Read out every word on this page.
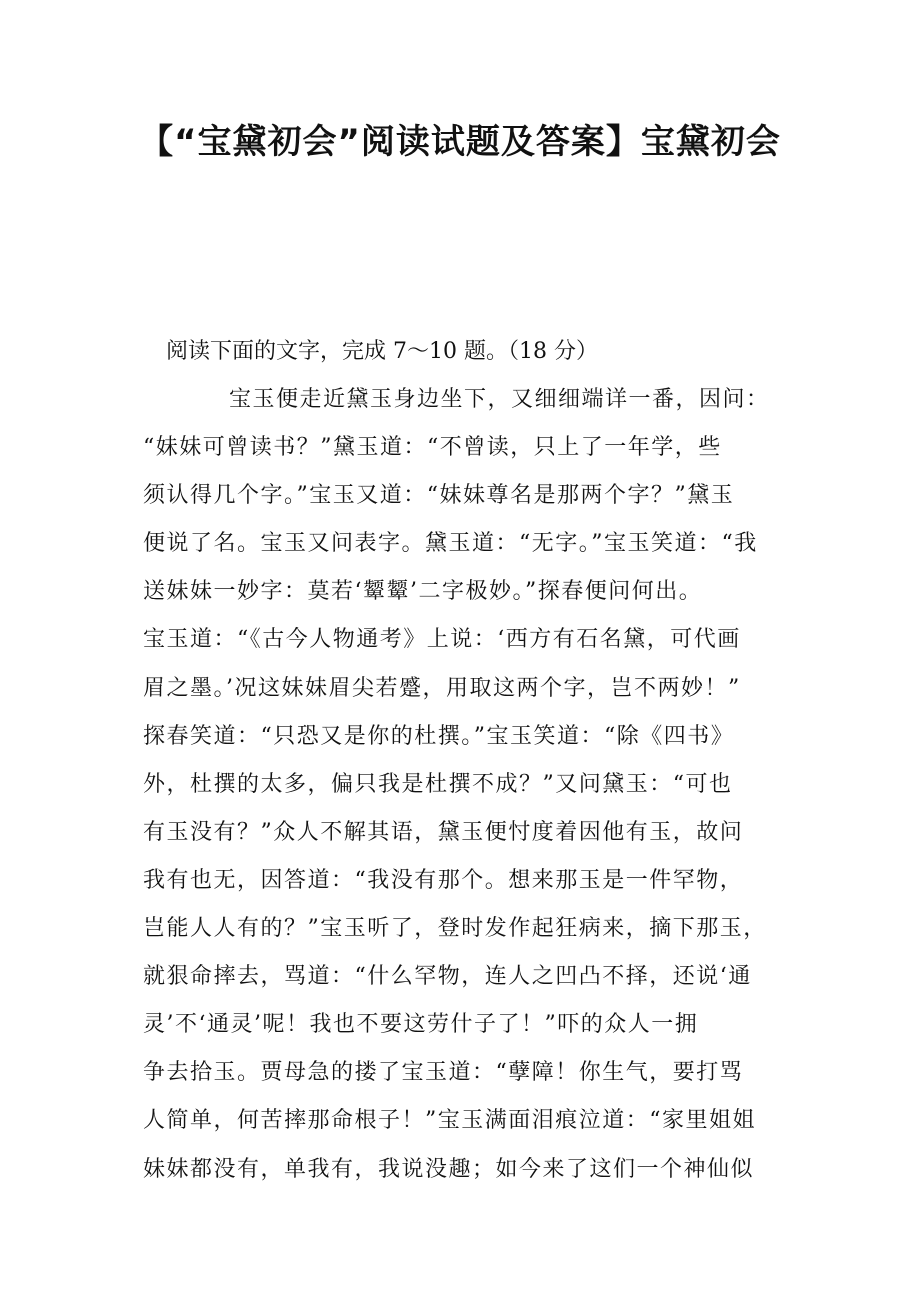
【“宝黛初会”阅读试题及答案】宝黛初会

阅读下面的文字，完成 7～10 题。（18 分）

宝玉便走近黛玉身边坐下，又细细端详一番，因问：
“妹妹可曾读书？”黛玉道：“不曾读，只上了一年学，些
须认得几个字。”宝玉又道：“妹妹尊名是那两个字？”黛玉
便说了名。宝玉又问表字。黛玉道：“无字。”宝玉笑道：“我
送妹妹一妙字：莫若‘颦颦’二字极妙。”探春便问何出。
宝玉道：“《古今人物通考》上说：‘西方有石名黛，可代画
眉之墨。’况这妹妹眉尖若蹙，用取这两个字，岂不两妙！”
探春笑道：“只恐又是你的杜撰。”宝玉笑道：“除《四书》
外，杜撰的太多，偏只我是杜撰不成？”又问黛玉：“可也
有玉没有？”众人不解其语，黛玉便忖度着因他有玉，故问
我有也无，因答道：“我没有那个。想来那玉是一件罕物，
岂能人人有的？”宝玉听了，登时发作起狂病来，摘下那玉，
就狠命摔去，骂道：“什么罕物，连人之凹凸不择，还说‘通
灵’不‘通灵’呢！我也不要这劳什子了！”吓的众人一拥
争去拾玉。贾母急的搂了宝玉道：“孽障！你生气，要打骂
人简单，何苦摔那命根子！”宝玉满面泪痕泣道：“家里姐姐
妹妹都没有，单我有，我说没趣；如今来了这们一个神仙似
